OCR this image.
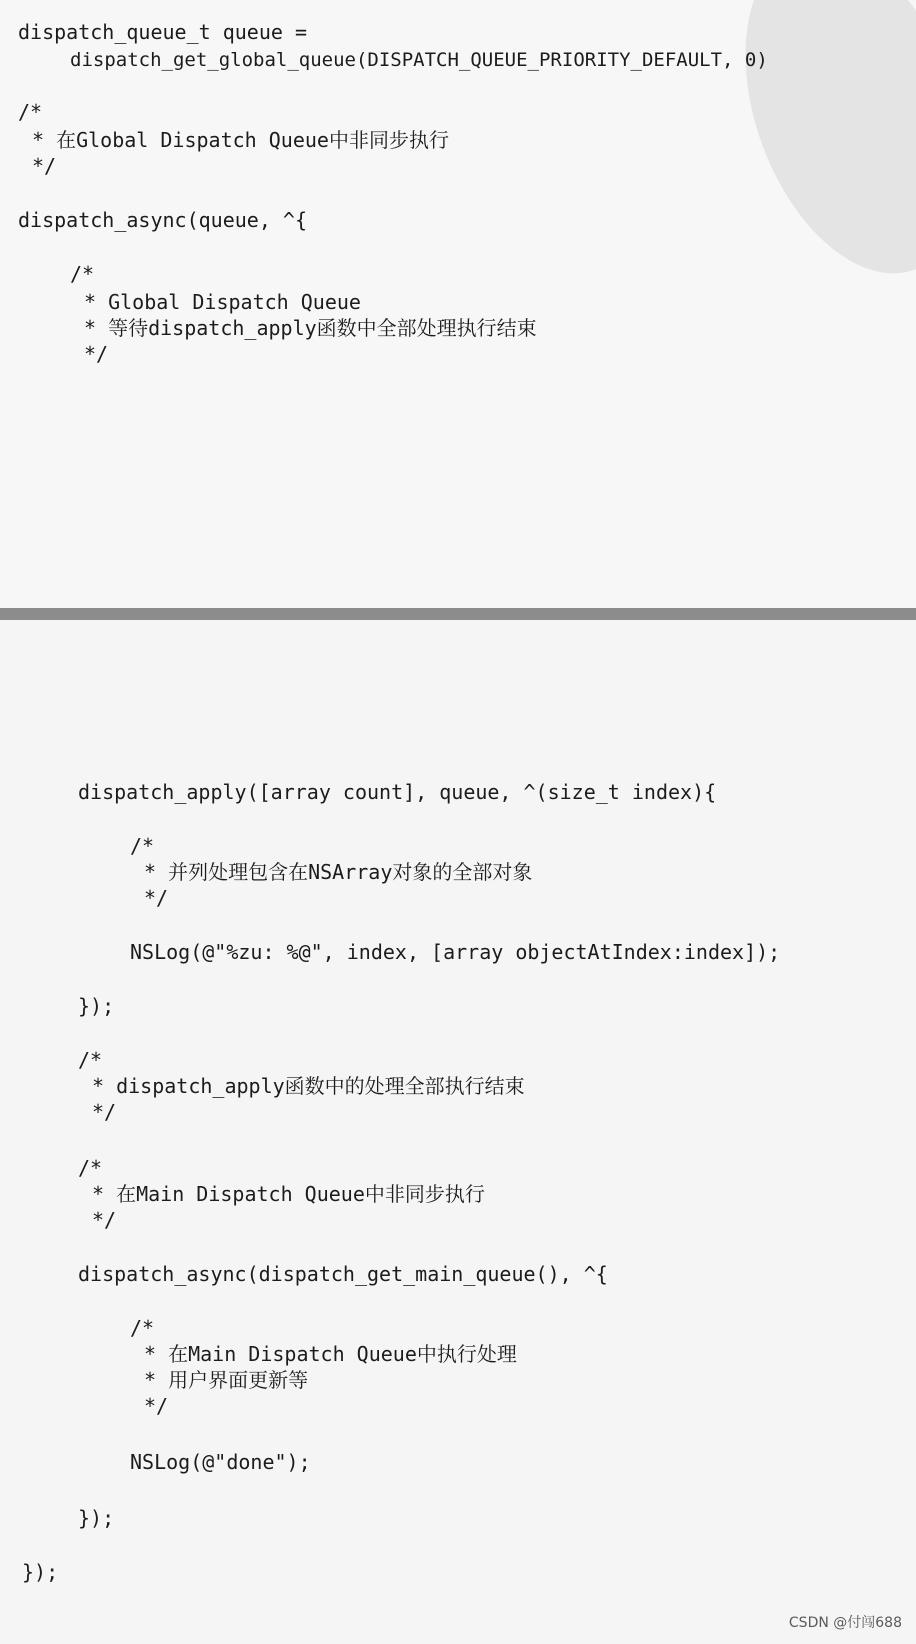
dispatch_queue_t queue =
dispatch_get_global_queue(DISPATCH_QUEUE_PRIORITY_DEFAULT, 0)
/*
* 在Global Dispatch Queue中非同步执行
*/
dispatch_async(queue, ^{
/*
* Global Dispatch Queue
* 等待dispatch_apply函数中全部处理执行结束
*/
dispatch_apply([array count], queue, ^(size_t index){
/*
* 并列处理包含在NSArray对象的全部对象
*/
NSLog(@"%zu: %@", index, [array objectAtIndex:index]);
});
/*
* dispatch_apply函数中的处理全部执行结束
*/
/*
* 在Main Dispatch Queue中非同步执行
*/
dispatch_async(dispatch_get_main_queue(), ^{
/*
* 在Main Dispatch Queue中执行处理
* 用户界面更新等
*/
NSLog(@"done");
});
});
CSDN @付闯688
